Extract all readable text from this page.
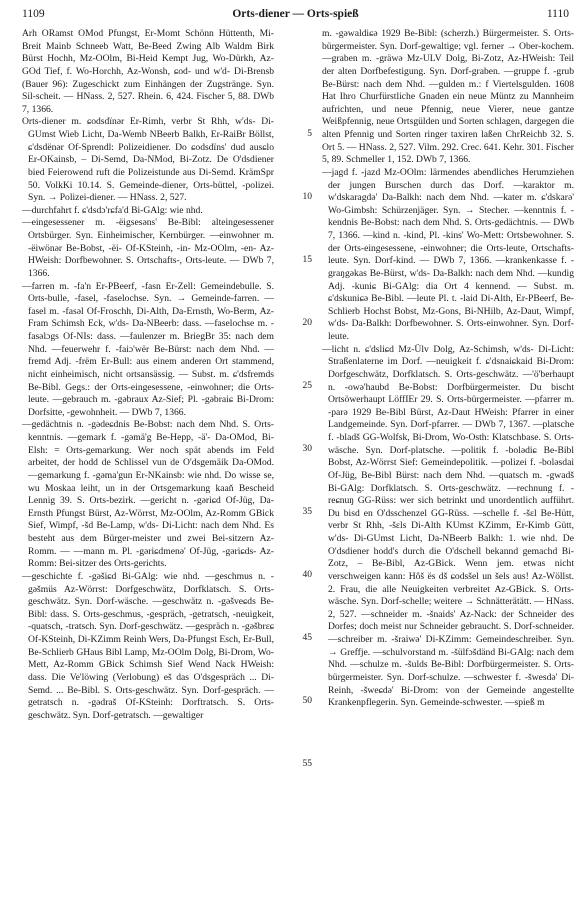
1109	Orts-diener — Orts-spieß	1110

Arh ORamst OMod Pfungst, Er-Momt Schönn Hüttenth, Mi-Breit Mainb Schneeb Watt, Be-Beed Zwing Alb Waldm Birk Bürst Hochh, Mz-OOlm, Bi-Heid Kempt Jug, Wo-Dürkh, Az-GOd Tief, f. Wo-Horchh, Az-Wonsh, ɕod- und w'd- Di-Brensb (Bauer 96): Zugeschickt zum Einhängen der Zugstränge. Syn. Sil-scheit. — HNass. 2, 527. Rhein. 6, 424. Fischer 5, 88. DWb 7, 1366.

Orts-diener m. ɕodsdïnər Er-Rimh, verbr St Rhh, w'ds- Di-GUmst Wieb Licht, Da-Wemb NBeerb Balkh, Er-RaiBr Böllst, ɕ'dsdënər Of-Sprendl: Polizeidiener. Do ɕodsdïns' dud ausɕlo Er-OKainsb, – Di-Semd, Da-NMod, Bi-Zotz. De O'dsdiener bied Feierowend ruft die Polizeistunde aus Di-Semd. KrämSpr 50. VolkKi 10.14. S. Gemeinde-diener, Orts-büttel, -polizei. Syn. → Polizei-diener. — HNass. 2, 527.

—durchfahrt f. ɕ'dsdɔ'rɕfa'd Bi-GAlg: wie nhd.

—eingesessener m. -ëigsesəns' Be-Bibl: alteingesessener Ortsbürger. Syn. Einheimischer, Kernbürger. —einwohner m. -ëiwönər Be-Bobst, -ëi- Of-KSteinh, -in- Mz-OOlm, -en- Az-HWeish: Dorfbewohner. S. Ortschafts-, Orts-leute. — DWb 7, 1366.

—farren m. -fa'n Er-PBeerf, -fasn Er-Zell: Gemeindebulle. S. Orts-bulle, -fasel, -faselochse. Syn. → Gemeinde-farren. —fasel m. -fasəl Of-Froschh, Di-Alth, Da-Ernsth, Wo-Berm, Az-Fram Schimsh Eck, w'ds- Da-NBeerb: dass. —faselochse m. -fasəlɔgs Of-NIs: dass. —faulenzer m. BriegBr 35: nach dem Nhd. —feuerwehr f. -faiɔ'wër Be-Bürst: nach dem Nhd. —fremd Adj. -frëm Er-Bull: aus einem anderen Ort stammend, nicht einheimisch, nicht ortsansässig. — Subst. m. ɕ'dsfremds Be-Bibl. Gegs.: der Orts-eingesessene, -einwohner; die Orts-leute. —gebrauch m. -gəbraux Az-Sief; Pl. -gəbraiɕ Bi-Drom: Dorfsitte, -gewohnheit. — DWb 7, 1366.

—gedächtnis n. -gədeɕdnis Be-Bobst: nach dem Nhd. S. Orts-kenntnis. —gemark f. -gəmä'g Be-Hepp, -ä'- Da-OMod, Bi-Elsh: = Orts-gemarkung. Wer noch spät abends im Feld arbeitet, der hodd de Schlissel vun de O'dsgemäik Da-OMod. —gemarkung f. -gəma'gun Er-NKainsb: wie nhd. Do wisse se, wu Moskaa leiht, un in der Ortsgemarkung kaaň Bescheid Lennig 39. S. Orts-bezirk. —gericht n. -gəriɕd Of-Jüg, Da-Ernsth Pfungst Bürst, Az-Wörrst, Mz-OOlm, Az-Romm GBick Sief, Wimpf, -šd Be-Lamp, w'ds- Di-Licht: nach dem Nhd. Es besteht aus dem Bürger-meister und zwei Bei-sitzern Az-Romm. — —mann m. Pl. -gəriɕdmenə' Of-Jüg, -gəriɕds- Az-Romm: Bei-sitzer des Orts-gerichts.

—geschichte f. -gəšiɕd Bi-GAlg: wie nhd. —geschmus n. -gəšmüs Az-Wörrst: Dorfgeschwätz, Dorfklatsch. S. Orts-geschwätz. Syn. Dorf-wäsche. —geschwätz n. -gəšveɕds Be-Bibl: dass. S. Orts-geschmus, -gespräch, -getratsch, -neuigkeit, -quatsch, -tratsch. Syn. Dorf-geschwätz. —gespräch n. -gəšbrɛɕ Of-KSteinh, Di-KZimm Reinh Wers, Da-Pfungst Esch, Er-Bull, Be-Schlierb GHaus Bibl Lamp, Mz-OOlm Dolg, Bi-Drom, Wo-Mett, Az-Romm GBick Schimsh Sief Wend Nack HWeish: dass. Die Ve'löwing (Verlobung) eš das O'dsgespräch ... Di-Semd. ... Be-Bibl. S. Orts-geschwätz. Syn. Dorf-gespräch. —getratsch n. -gədraš Of-KSteinh: Dorftratsch. S. Orts-geschwätz. Syn. Dorf-getratsch. —gewaltiger

5
10
15
20
25
30
35
40
45
50
55

m. -gəwaldiɕə 1929 Be-Bibl: (scherzh.) Bürgermeister. S. Orts-bürgermeister. Syn. Dorf-gewaltige; vgl. ferner → Ober-kochem. —graben m. -gräwə Mz-ULV Dolg, Bi-Zotz, Az-HWeish: Teil der alten Dorfbefestigung. Syn. Dorf-graben. —gruppe f. -grub Be-Bürst: nach dem Nhd. —gulden m.: f Viertelsgulden. 1608 Hat Ihro Churfürstliche Gnaden ein neue Müntz zu Mannheim aufrichten, und neue Pfennig, neue Vierer, neue gantze Weißpfennig, neue Ortsgülden und Sorten schlagen, dargegen die alten Pfennig und Sorten ringer taxiren laßen ChrReichb 32. S. Ort 5. — HNass. 2, 527. Vilm. 292. Crec. 641. Kehr. 301. Fischer 5, 89. Schmeller 1, 152. DWb 7, 1366.

—jagd f. -jazd Mz-OOlm: lärmendes abendliches Herumziehen der jungen Burschen durch das Dorf. —karaktor m. w'dskaragdə' Da-Balkh: nach dem Nhd. —kater m. ɕ'dskarə' Wo-Gimbsh: Schürzenjäger. Syn. → Stecher. —kenntnis f. -kendnis Be-Bobst: nach dem Nhd. S. Orts-gedächtnis. — DWb 7, 1366. —kind n. -kind, Pl. -kins' Wo-Mett: Ortsbewohner. S. der Orts-eingesessene, -einwohner; die Orts-leute, Ortschafts-leute. Syn. Dorf-kind. — DWb 7, 1366. —krankenkasse f. -graŋgəkas Be-Bürst, w'ds- Da-Balkh: nach dem Nhd. —kundig Adj. -kuniɕ Bi-GAlg: dia Ort 4 kennend. — Subst. m. ɕ'dskuniɕə Be-Bibl. —leute Pl. t. -laid Di-Alth, Er-PBeerf, Be-Schlierb Hochst Bobst, Mz-Gons, Bi-NHilb, Az-Daut, Wimpf, w'ds- Da-Balkh: Dorfbewohner. S. Orts-einwohner. Syn. Dorf-leute.

—licht n. ɕ'dsliɕd Mz-Ülv Dolg, Az-Schimsh, w'ds- Di-Licht: Straßenlaterne im Dorf. —neuigkeit f. ɕ'dsnaiɕkaid Bi-Drom: Dorfgeschwätz, Dorfklatsch. S. Orts-geschwätz. —'ö'berhaupt n. -owə'haubd Be-Bobst: Dorfbürgermeister. Du bischt Ortsöwerhaupt LöffIEr 29. S. Orts-bürgermeister. —pfarrer m. -parə 1929 Be-Bibl Bürst, Az-Daut HWeish: Pfarrer in einer Landgemeinde. Syn. Dorf-pfarrer. — DWb 7, 1367. —platsche f. -bladš GG-Wolfsk, Bi-Drom, Wo-Osth: Klatschbase. S. Orts-wäsche. Syn. Dorf-platsche. —politik f. -bolədiɕ Be-Bibl Bobst, Az-Wörrst Sief: Gemeindepolitik. —polizei f. -boləsdai Of-Jüg, Be-Bibl Bürst: nach dem Nhd. —quatsch m. -gwadš Bi-GAlg: Dorfklatsch. S. Orts-geschwätz. —rechnung f. -reɕnuŋ GG-Rüss: wer sich betrinkt und unordentlich aufführt. Du bisd en O'dsschenzel GG-Rüss. —schelle f. -šɛl Be-Hütt, verbr St Rhh, -šɛls Di-Alth KUmst KZimm, Er-Kimb Gütt, w'ds- Di-GUmst Licht, Da-NBeerb Balkh: 1. wie nhd. De O'dsdiener hodd's durch die O'dschell bekannd gemachd Bi-Zotz, – Be-Bibl, Az-GBick. Wenn jem. etwas nicht verschweigen kann: Hôš ës dš ɕodsšel un šels aus! Az-Wöllst. 2. Frau, die alle Neuigkeiten verbreitet Az-GBick. S. Orts-wäsche. Syn. Dorf-schelle; weitere → Schnätterätätt. — HNass. 2, 527. —schneider m. -šnaids' Az-Nack: der Schneider des Dorfes; doch meist nur Schneider gebraucht. S. Dorf-schneider. —schreiber m. -šraiwə' Di-KZimm: Gemeindeschreiber. Syn. → Greffje. —schulvorstand m. -šülfɔšdänd Bi-GAlg: nach dem Nhd. —schulze m. -šulds Be-Bibl: Dorfbürgermeister. S. Orts-bürgermeister. Syn. Dorf-schulze. —schwester f. -šwesdə' Di-Reinh, -šweɕdə' Bi-Drom: von der Gemeinde angestellte Krankenpflegerin. Syn. Gemeinde-schwester. —spieß m
